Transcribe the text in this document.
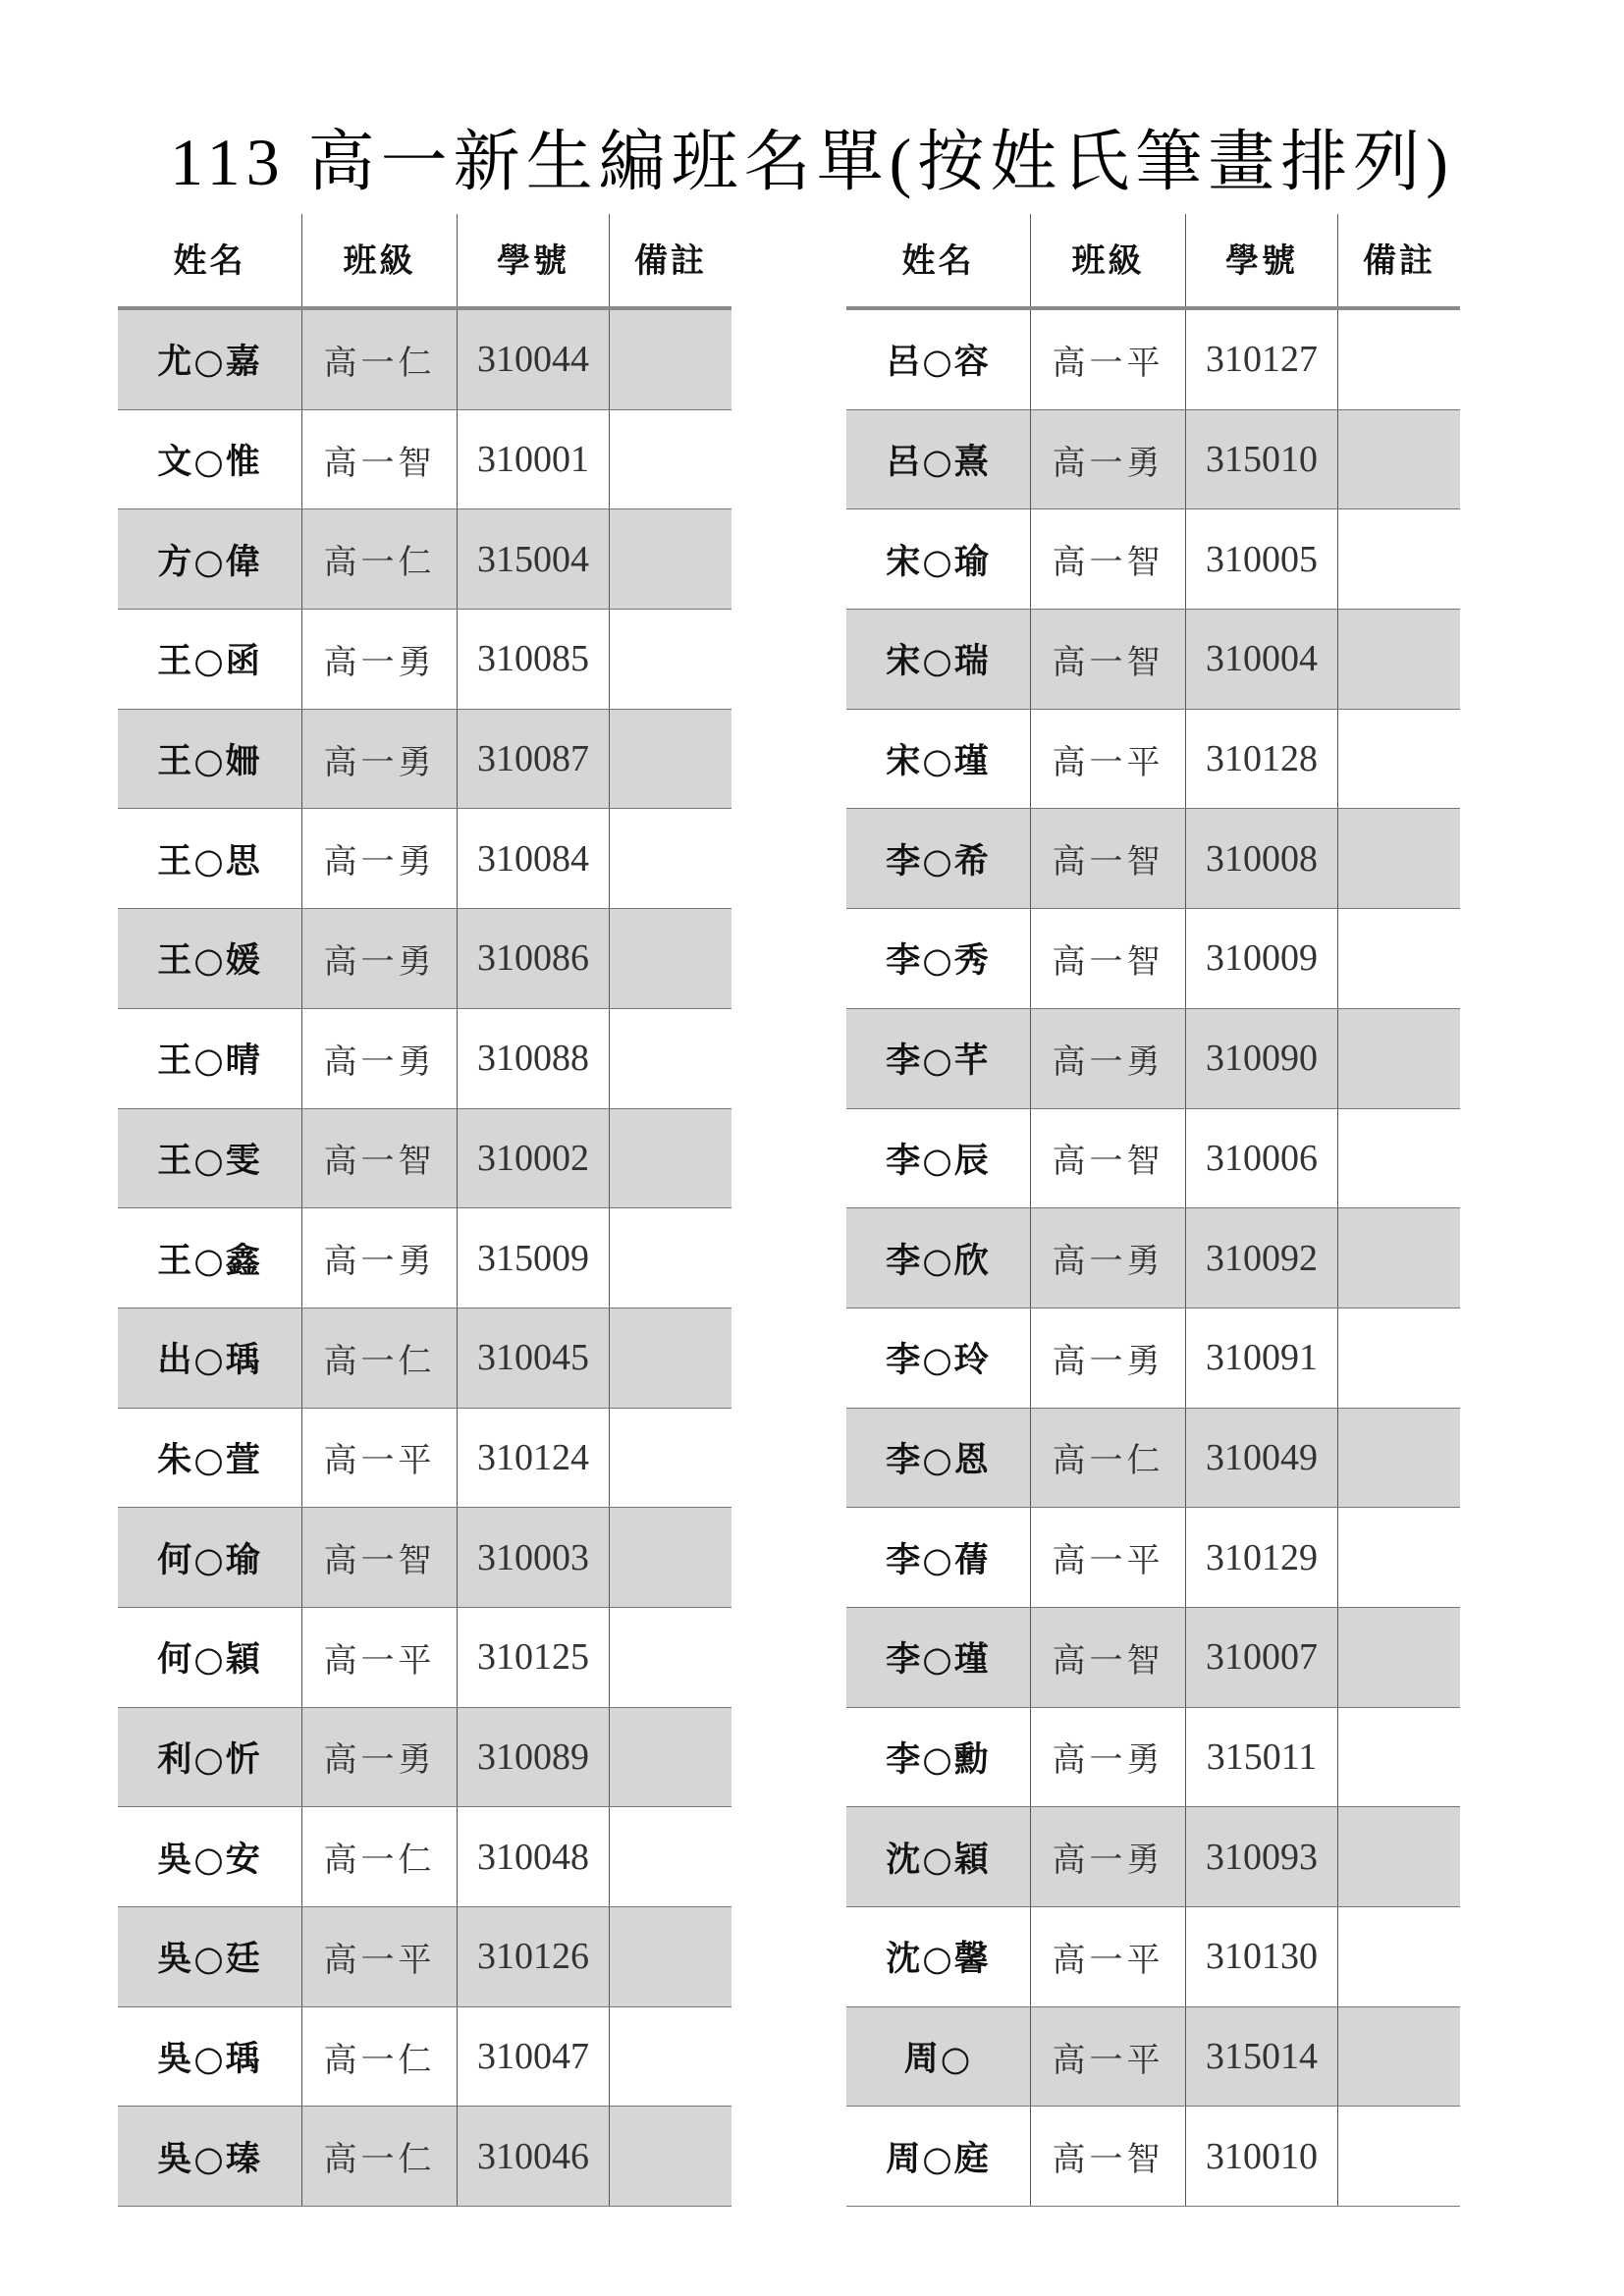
113 高一新生編班名單(按姓氏筆畫排列)
姓名	班級	學號	備註
尤○嘉	高一仁	310044
文○惟	高一智	310001
方○偉	高一仁	315004
王○函	高一勇	310085
王○姍	高一勇	310087
王○思	高一勇	310084
王○媛	高一勇	310086
王○晴	高一勇	310088
王○雯	高一智	310002
王○鑫	高一勇	315009
出○瑀	高一仁	310045
朱○萱	高一平	310124
何○瑜	高一智	310003
何○穎	高一平	310125
利○忻	高一勇	310089
吳○安	高一仁	310048
吳○廷	高一平	310126
吳○瑀	高一仁	310047
吳○瑧	高一仁	310046
姓名	班級	學號	備註
呂○容	高一平	310127
呂○熹	高一勇	315010
宋○瑜	高一智	310005
宋○瑞	高一智	310004
宋○瑾	高一平	310128
李○希	高一智	310008
李○秀	高一智	310009
李○芊	高一勇	310090
李○辰	高一智	310006
李○欣	高一勇	310092
李○玲	高一勇	310091
李○恩	高一仁	310049
李○蒨	高一平	310129
李○瑾	高一智	310007
李○勳	高一勇	315011
沈○穎	高一勇	310093
沈○馨	高一平	310130
周○	高一平	315014
周○庭	高一智	310010
